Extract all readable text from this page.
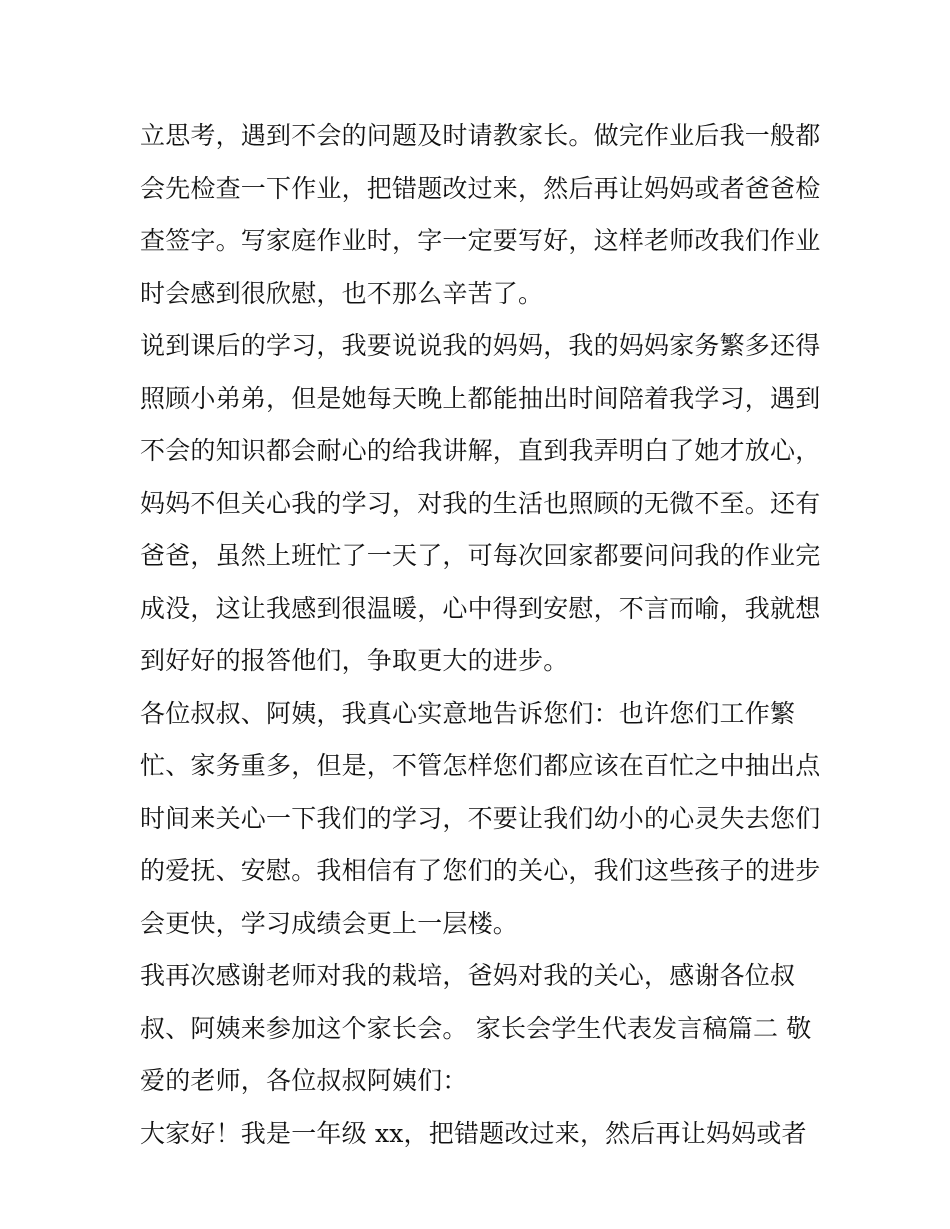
立思考，遇到不会的问题及时请教家长。做完作业后我一般都
会先检查一下作业，把错题改过来，然后再让妈妈或者爸爸检
查签字。写家庭作业时，字一定要写好，这样老师改我们作业
时会感到很欣慰，也不那么辛苦了。
说到课后的学习，我要说说我的妈妈，我的妈妈家务繁多还得
照顾小弟弟，但是她每天晚上都能抽出时间陪着我学习，遇到
不会的知识都会耐心的给我讲解，直到我弄明白了她才放心，
妈妈不但关心我的学习，对我的生活也照顾的无微不至。还有
爸爸，虽然上班忙了一天了，可每次回家都要问问我的作业完
成没，这让我感到很温暖，心中得到安慰，不言而喻，我就想
到好好的报答他们，争取更大的进步。
各位叔叔、阿姨，我真心实意地告诉您们：也许您们工作繁
忙、家务重多，但是，不管怎样您们都应该在百忙之中抽出点
时间来关心一下我们的学习，不要让我们幼小的心灵失去您们
的爱抚、安慰。我相信有了您们的关心，我们这些孩子的进步
会更快，学习成绩会更上一层楼。
我再次感谢老师对我的栽培，爸妈对我的关心，感谢各位叔
叔、阿姨来参加这个家长会。 家长会学生代表发言稿篇二 敬
爱的老师，各位叔叔阿姨们：
大家好！我是一年级 xx，把错题改过来，然后再让妈妈或者
